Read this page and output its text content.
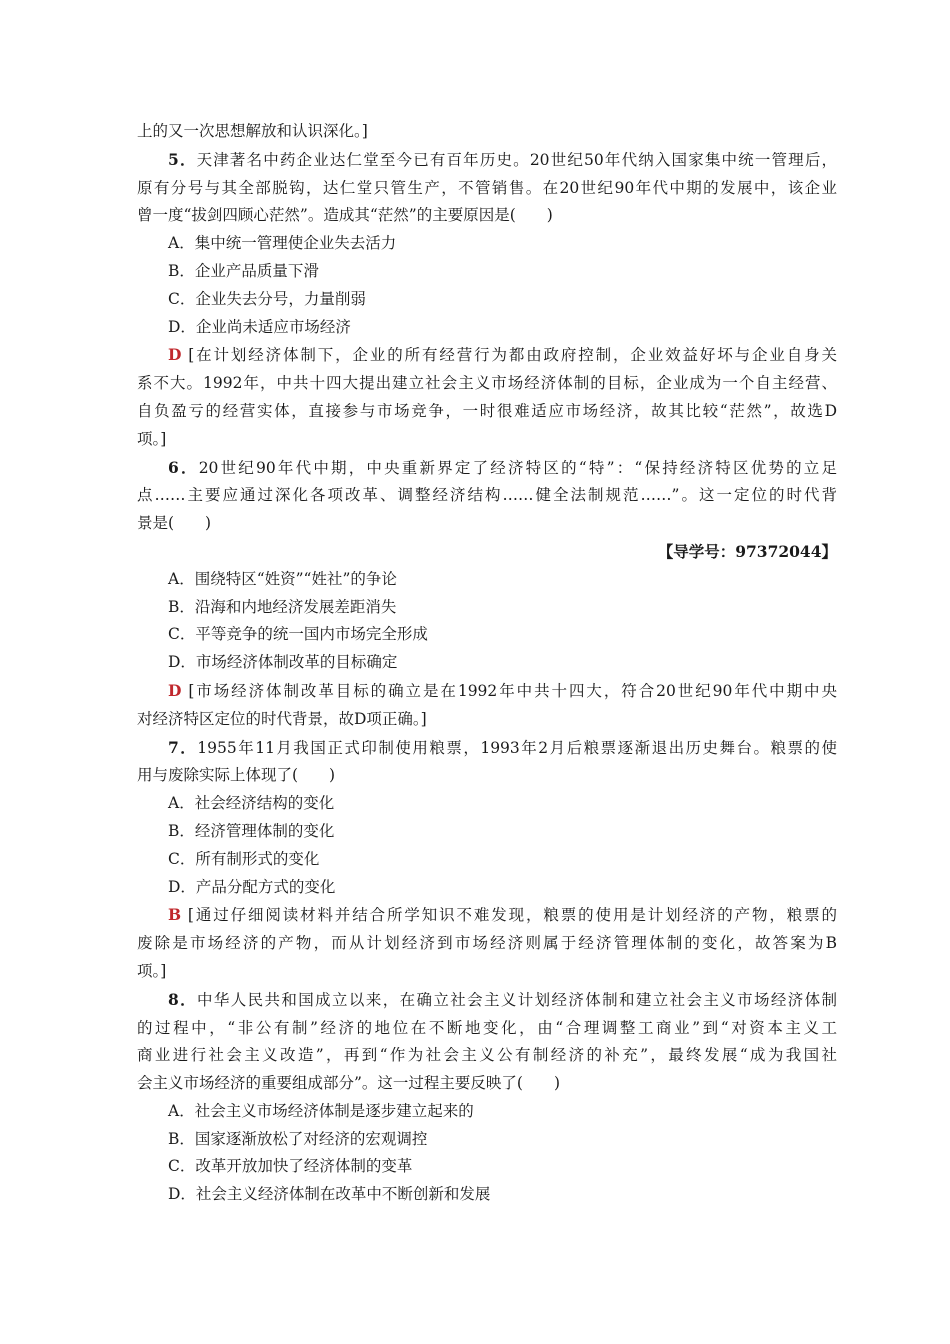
上的又一次思想解放和认识深化。]
5．天津著名中药企业达仁堂至今已有百年历史。20世纪50年代纳入国家集中统一管理后，
原有分号与其全部脱钩，达仁堂只管生产，不管销售。在20世纪90年代中期的发展中，该企业
曾一度“拔剑四顾心茫然”。造成其“茫然”的主要原因是(　　)
A．集中统一管理使企业失去活力
B．企业产品质量下滑
C．企业失去分号，力量削弱
D．企业尚未适应市场经济
D [在计划经济体制下，企业的所有经营行为都由政府控制，企业效益好坏与企业自身关
系不大。1992年，中共十四大提出建立社会主义市场经济体制的目标，企业成为一个自主经营、
自负盈亏的经营实体，直接参与市场竞争，一时很难适应市场经济，故其比较“茫然”，故选D
项。]
6．20世纪90年代中期，中央重新界定了经济特区的“特”：“保持经济特区优势的立足
点……主要应通过深化各项改革、调整经济结构……健全法制规范……”。这一定位的时代背
景是(　　)
【导学号：97372044】
A．围绕特区“姓资”“姓社”的争论
B．沿海和内地经济发展差距消失
C．平等竞争的统一国内市场完全形成
D．市场经济体制改革的目标确定
D [市场经济体制改革目标的确立是在1992年中共十四大，符合20世纪90年代中期中央
对经济特区定位的时代背景，故D项正确。]
7．1955年11月我国正式印制使用粮票，1993年2月后粮票逐渐退出历史舞台。粮票的使
用与废除实际上体现了(　　)
A．社会经济结构的变化
B．经济管理体制的变化
C．所有制形式的变化
D．产品分配方式的变化
B [通过仔细阅读材料并结合所学知识不难发现，粮票的使用是计划经济的产物，粮票的
废除是市场经济的产物，而从计划经济到市场经济则属于经济管理体制的变化，故答案为B
项。]
8．中华人民共和国成立以来，在确立社会主义计划经济体制和建立社会主义市场经济体制
的过程中，“非公有制”经济的地位在不断地变化，由“合理调整工商业”到“对资本主义工
商业进行社会主义改造”，再到“作为社会主义公有制经济的补充”，最终发展“成为我国社
会主义市场经济的重要组成部分”。这一过程主要反映了(　　)
A．社会主义市场经济体制是逐步建立起来的
B．国家逐渐放松了对经济的宏观调控
C．改革开放加快了经济体制的变革
D．社会主义经济体制在改革中不断创新和发展
